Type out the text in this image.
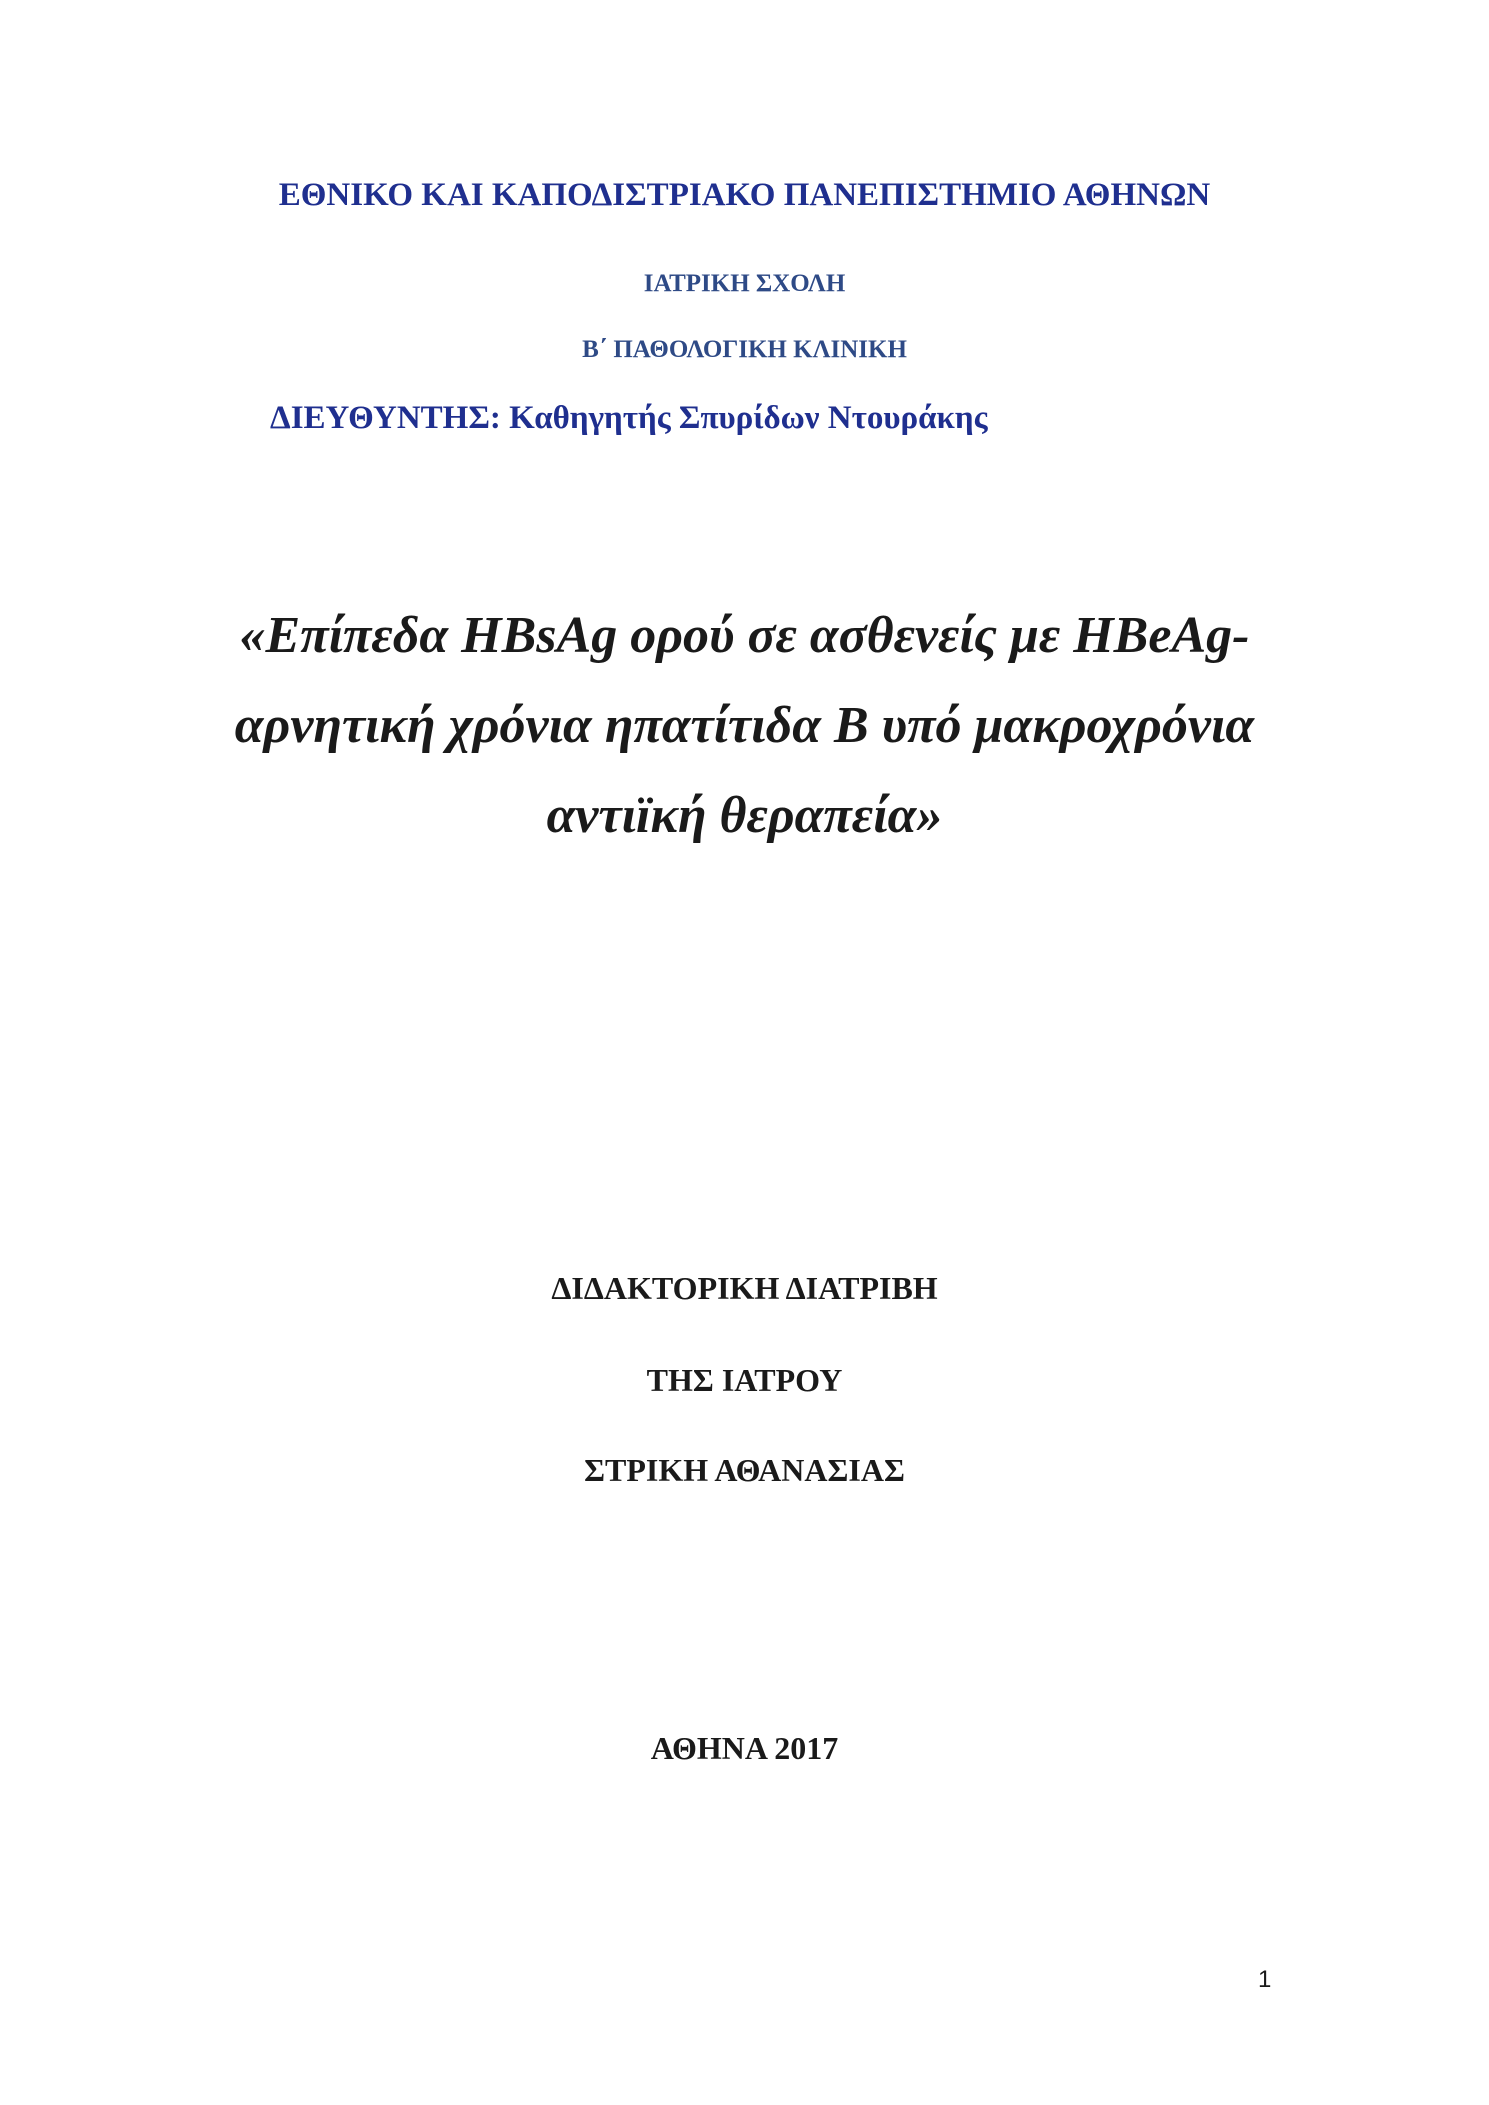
ΕΘΝΙΚΟ ΚΑΙ ΚΑΠΟΔΙΣΤΡΙΑΚΟ ΠΑΝΕΠΙΣΤΗΜΙΟ ΑΘΗΝΩΝ
ΙΑΤΡΙΚΗ ΣΧΟΛΗ
Β΄ ΠΑΘΟΛΟΓΙΚΗ ΚΛΙΝΙΚΗ
ΔΙΕΥΘΥΝΤΗΣ: Καθηγητής Σπυρίδων Ντουράκης
«Επίπεδα HBsAg ορού σε ασθενείς με HBeAg-
αρνητική χρόνια ηπατίτιδα Β υπό μακροχρόνια
αντιϊκή θεραπεία»
ΔΙΔΑΚΤΟΡΙΚΗ ΔΙΑΤΡΙΒΗ
ΤΗΣ ΙΑΤΡΟΥ
ΣΤΡΙΚΗ ΑΘΑΝΑΣΙΑΣ
ΑΘΗΝΑ 2017
1
